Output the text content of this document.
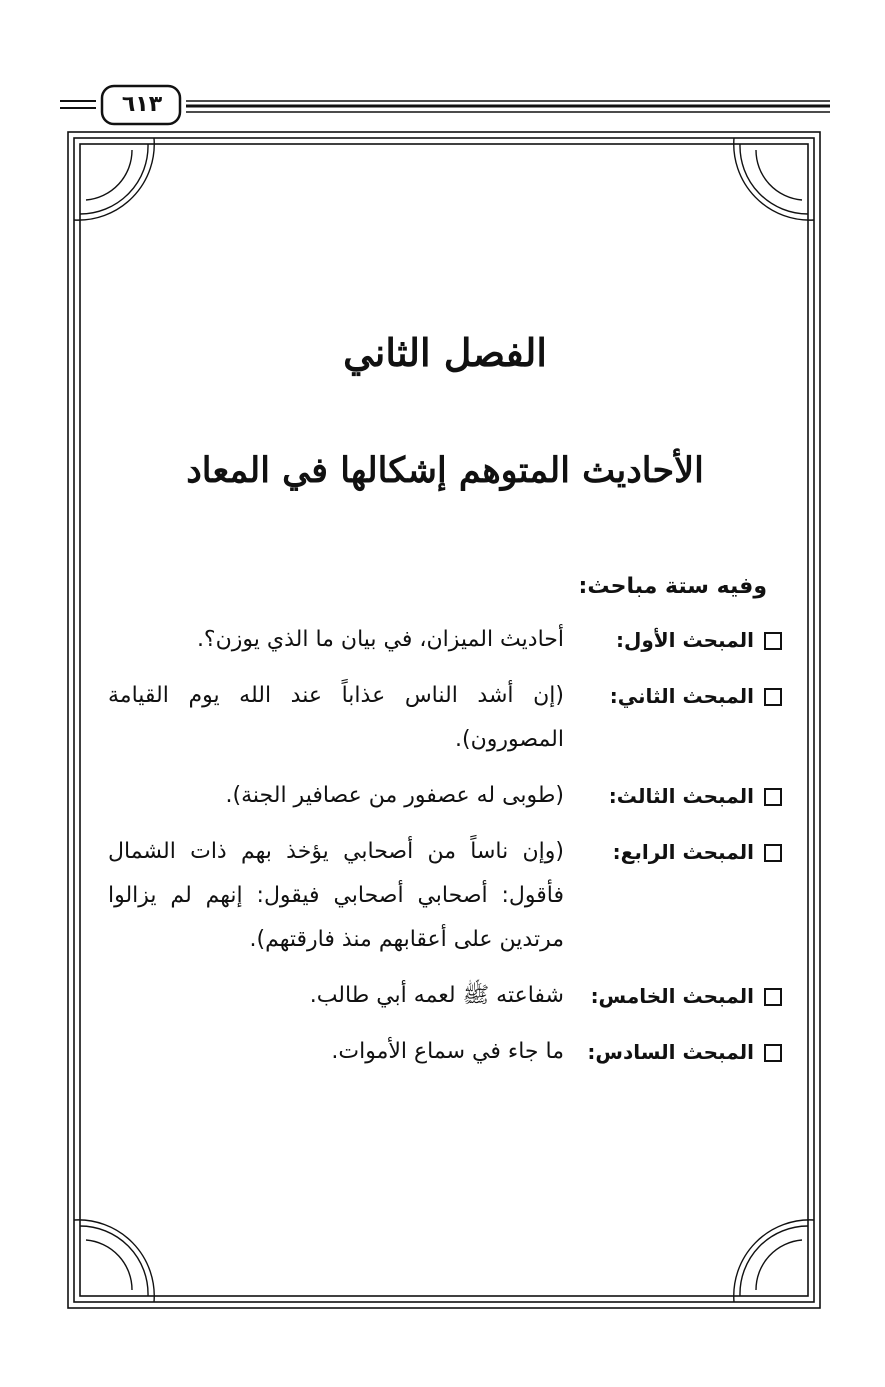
٦١٣
الفصل الثاني
الأحاديث المتوهم إشكالها في المعاد
وفيه ستة مباحث:
المبحث الأول:
أحاديث الميزان، في بيان ما الذي يوزن؟.
المبحث الثاني:
(إن أشد الناس عذاباً عند الله يوم القيامة المصورون).
المبحث الثالث:
(طوبى له عصفور من عصافير الجنة).
المبحث الرابع:
(وإن ناساً من أصحابي يؤخذ بهم ذات الشمال فأقول: أصحابي أصحابي فيقول: إنهم لم يزالوا مرتدين على أعقابهم منذ فارقتهم).
المبحث الخامس:
شفاعته ﷺ لعمه أبي طالب.
المبحث السادس:
ما جاء في سماع الأموات.
